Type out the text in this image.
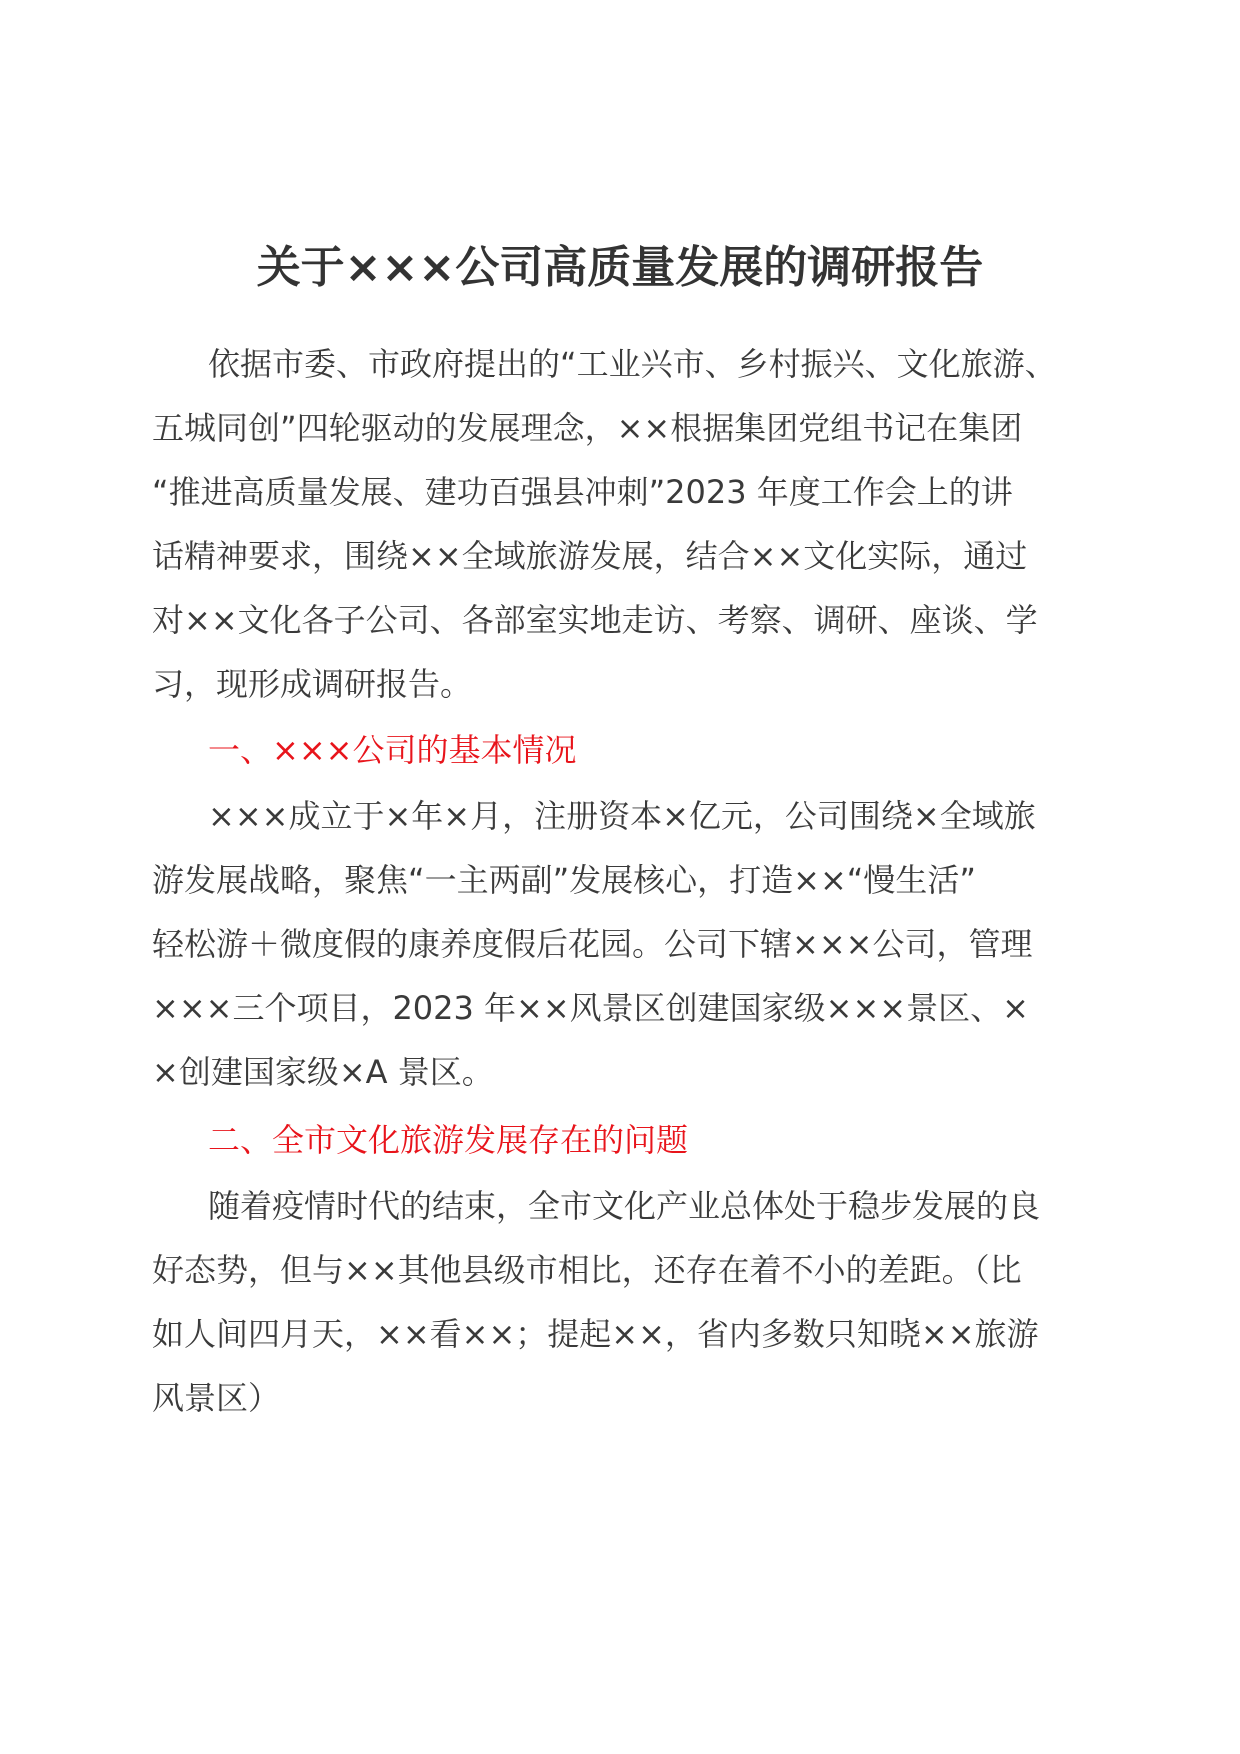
关于×××公司高质量发展的调研报告

依据市委、市政府提出的“工业兴市、乡村振兴、文化旅游、

五城同创”四轮驱动的发展理念，××根据集团党组书记在集团

“推进高质量发展、建功百强县冲刺”2023 年度工作会上的讲

话精神要求，围绕××全域旅游发展，结合××文化实际，通过

对××文化各子公司、各部室实地走访、考察、调研、座谈、学

习，现形成调研报告。

一、×××公司的基本情况

×××成立于×年×月，注册资本×亿元，公司围绕×全域旅

游发展战略，聚焦“一主两副”发展核心，打造××“慢生活”

轻松游＋微度假的康养度假后花园。公司下辖×××公司，管理

×××三个项目，2023 年××风景区创建国家级×××景区、×

×创建国家级×A 景区。

二、全市文化旅游发展存在的问题

随着疫情时代的结束，全市文化产业总体处于稳步发展的良

好态势，但与××其他县级市相比，还存在着不小的差距。（比

如人间四月天，××看××；提起××，省内多数只知晓××旅游

风景区）
